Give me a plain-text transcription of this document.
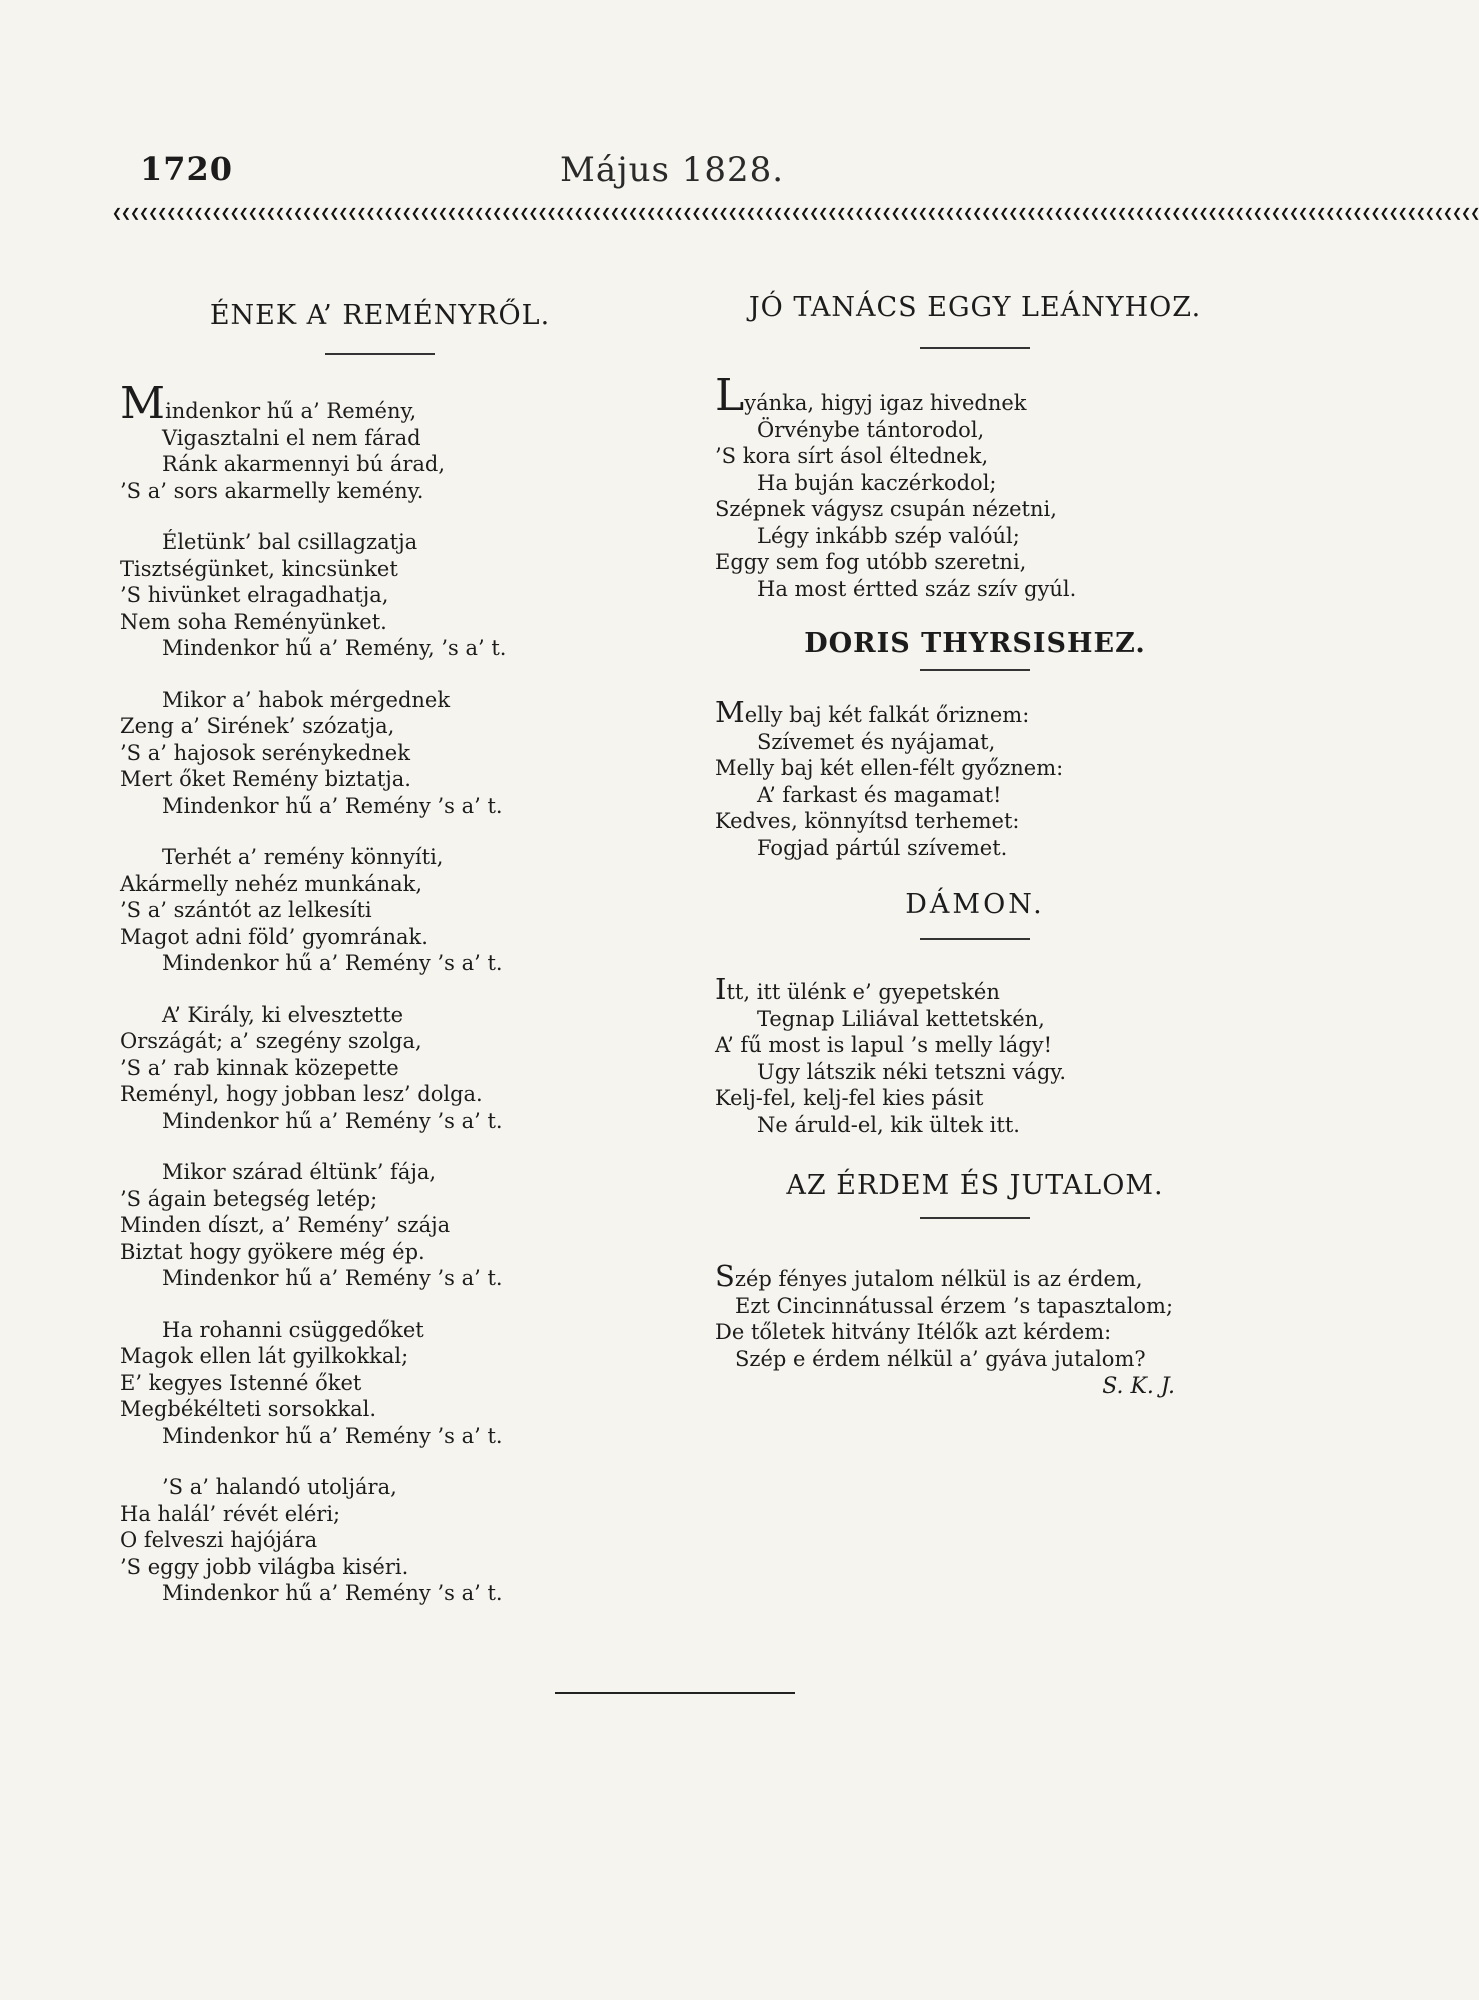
1720	Május 1828.
❮❮❮❮❮❮❮❮❮❮❮❮❮❮❮❮❮❮❮❮❮❮❮❮❮❮❮❮❮❮❮❮❮❮❮❮❮❮❮❮❮❮❮❮❮❮❮❮❮❮❮❮❮❮❮❮❮❮❮❮❮❮❮❮❮❮❮❮❮❮❮❮❮❮❮❮❮❮❮❮❮❮❮❮❮❮❮❮❮❮❮❮❮❮❮❮❮❮❮❮❮❮❮❮❮❮❮❮❮❮❮❮❮❮❮❮❮❮❮❮❮❮❮❮❮❮❮❮❮❮❮❮❮❮❮❮❮❮❮❮❮❮❮❮❮❮❮❮❮❮❮
ÉNEK A’ REMÉNYRŐL.
Mindenkor hű a’ Remény,
Vigasztalni el nem fárad
Ránk akarmennyi bú árad,
’S a’ sors akarmelly kemény.
Életünk’ bal csillagzatja
Tisztségünket, kincsünket
’S hivünket elragadhatja,
Nem soha Reményünket.
Mindenkor hű a’ Remény, ’s a’ t.
Mikor a’ habok mérgednek
Zeng a’ Sirének’ szózatja,
’S a’ hajosok serénykednek
Mert őket Remény biztatja.
Mindenkor hű a’ Remény ’s a’ t.
Terhét a’ remény könnyíti,
Akármelly nehéz munkának,
’S a’ szántót az lelkesíti
Magot adni föld’ gyomrának.
Mindenkor hű a’ Remény ’s a’ t.
A’ Király, ki elvesztette
Országát; a’ szegény szolga,
’S a’ rab kinnak közepette
Reményl, hogy jobban lesz’ dolga.
Mindenkor hű a’ Remény ’s a’ t.
Mikor szárad éltünk’ fája,
’S ágain betegség letép;
Minden díszt, a’ Remény’ szája
Biztat hogy gyökere még ép.
Mindenkor hű a’ Remény ’s a’ t.
Ha rohanni csüggedőket
Magok ellen lát gyilkokkal;
E’ kegyes Istenné őket
Megbékélteti sorsokkal.
Mindenkor hű a’ Remény ’s a’ t.
’S a’ halandó utoljára,
Ha halál’ révét eléri;
O felveszi hajójára
’S eggy jobb világba kiséri.
Mindenkor hű a’ Remény ’s a’ t.
JÓ TANÁCS EGGY LEÁNYHOZ.
Lyánka, higyj igaz hivednek
Örvénybe tántorodol,
’S kora sírt ásol éltednek,
Ha buján kaczérkodol;
Szépnek vágysz csupán nézetni,
Légy inkább szép valóúl;
Eggy sem fog utóbb szeretni,
Ha most értted száz szív gyúl.
DORIS THYRSISHEZ.
Melly baj két falkát őriznem:
Szívemet és nyájamat,
Melly baj két ellen-félt győznem:
A’ farkast és magamat!
Kedves, könnyítsd terhemet:
Fogjad pártúl szívemet.
DÁMON.
Itt, itt ülénk e’ gyepetskén
Tegnap Liliával kettetskén,
A’ fű most is lapul ’s melly lágy!
Ugy látszik néki tetszni vágy.
Kelj-fel, kelj-fel kies pásit
Ne áruld-el, kik ültek itt.
AZ ÉRDEM ÉS JUTALOM.
Szép fényes jutalom nélkül is az érdem,
Ezt Cincinnátussal érzem ’s tapasztalom;
De tőletek hitvány Itélők azt kérdem:
Szép e érdem nélkül a’ gyáva jutalom?
S. K. J.
